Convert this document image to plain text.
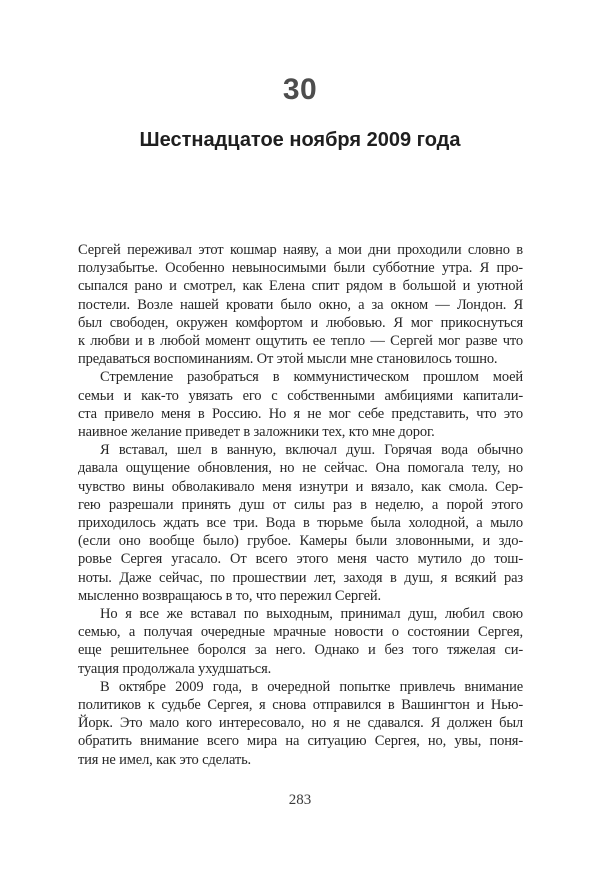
30
Шестнадцатое ноября 2009 года
Сергей переживал этот кошмар наяву, а мои дни проходили словно в
полузабытье. Особенно невыносимыми были субботние утра. Я про-
сыпался рано и смотрел, как Елена спит рядом в большой и уютной
постели. Возле нашей кровати было окно, а за окном — Лондон. Я
был свободен, окружен комфортом и любовью. Я мог прикоснуться
к любви и в любой момент ощутить ее тепло — Сергей мог разве что
предаваться воспоминаниям. От этой мысли мне становилось тошно.
Стремление разобраться в коммунистическом прошлом моей
семьи и как-то увязать его с собственными амбициями капитали-
ста привело меня в Россию. Но я не мог себе представить, что это
наивное желание приведет в заложники тех, кто мне дорог.
Я вставал, шел в ванную, включал душ. Горячая вода обычно
давала ощущение обновления, но не сейчас. Она помогала телу, но
чувство вины обволакивало меня изнутри и вязало, как смола. Сер-
гею разрешали принять душ от силы раз в неделю, а порой этого
приходилось ждать все три. Вода в тюрьме была холодной, а мыло
(если оно вообще было) грубое. Камеры были зловонными, и здо-
ровье Сергея угасало. От всего этого меня часто мутило до тош-
ноты. Даже сейчас, по прошествии лет, заходя в душ, я всякий раз
мысленно возвращаюсь в то, что пережил Сергей.
Но я все же вставал по выходным, принимал душ, любил свою
семью, а получая очередные мрачные новости о состоянии Сергея,
еще решительнее боролся за него. Однако и без того тяжелая си-
туация продолжала ухудшаться.
В октябре 2009 года, в очередной попытке привлечь внимание
политиков к судьбе Сергея, я снова отправился в Вашингтон и Нью-
Йорк. Это мало кого интересовало, но я не сдавался. Я должен был
обратить внимание всего мира на ситуацию Сергея, но, увы, поня-
тия не имел, как это сделать.
283
